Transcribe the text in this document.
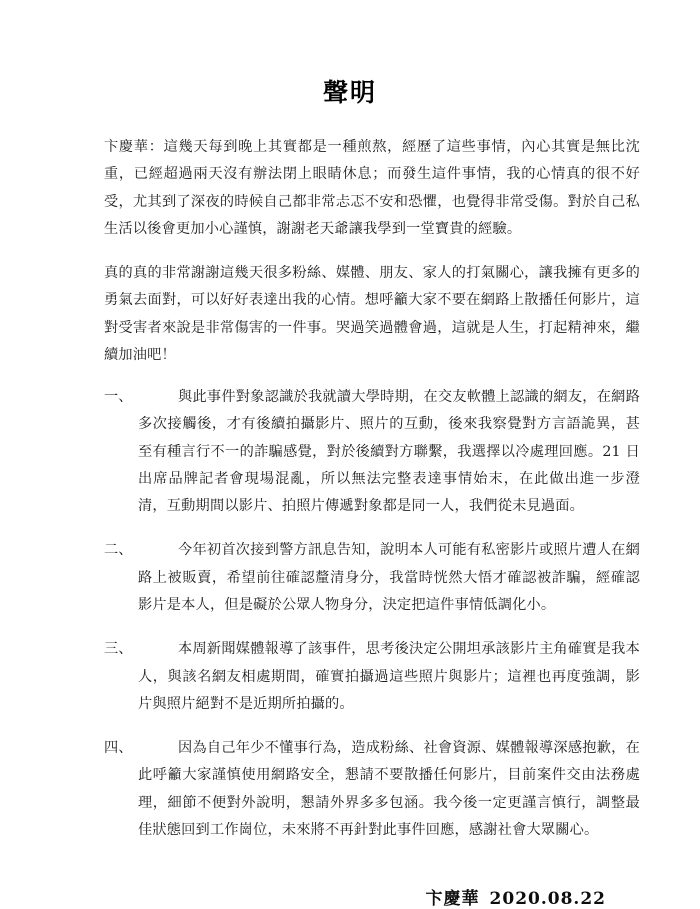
聲明

卞慶華：這幾天每到晚上其實都是一種煎熬，經歷了這些事情，內心其實是無比沈重，已經超過兩天沒有辦法閉上眼睛休息；而發生這件事情，我的心情真的很不好受，尤其到了深夜的時候自己都非常忐忑不安和恐懼，也覺得非常受傷。對於自己私生活以後會更加小心謹慎，謝謝老天爺讓我學到一堂寶貴的經驗。

真的真的非常謝謝這幾天很多粉絲、媒體、朋友、家人的打氣關心，讓我擁有更多的勇氣去面對，可以好好表達出我的心情。想呼籲大家不要在網路上散播任何影片，這對受害者來說是非常傷害的一件事。哭過笑過體會過，這就是人生，打起精神來，繼續加油吧！

一、	與此事件對象認識於我就讀大學時期，在交友軟體上認識的網友，在網路多次接觸後，才有後續拍攝影片、照片的互動，後來我察覺對方言語詭異，甚至有種言行不一的詐騙感覺，對於後續對方聯繫，我選擇以冷處理回應。21 日出席品牌記者會現場混亂，所以無法完整表達事情始末，在此做出進一步澄清，互動期間以影片、拍照片傳遞對象都是同一人，我們從未見過面。
二、	今年初首次接到警方訊息告知，說明本人可能有私密影片或照片遭人在網路上被販賣，希望前往確認釐清身分，我當時恍然大悟才確認被詐騙，經確認影片是本人，但是礙於公眾人物身分，決定把這件事情低調化小。
三、	本周新聞媒體報導了該事件，思考後決定公開坦承該影片主角確實是我本人，與該名網友相處期間，確實拍攝過這些照片與影片；這裡也再度強調，影片與照片絕對不是近期所拍攝的。
四、	因為自己年少不懂事行為，造成粉絲、社會資源、媒體報導深感抱歉，在此呼籲大家謹慎使用網路安全，懇請不要散播任何影片，目前案件交由法務處理，細節不便對外說明，懇請外界多多包涵。我今後一定更謹言慎行，調整最佳狀態回到工作崗位，未來將不再針對此事件回應，感謝社會大眾關心。
卞慶華 2020.08.22
